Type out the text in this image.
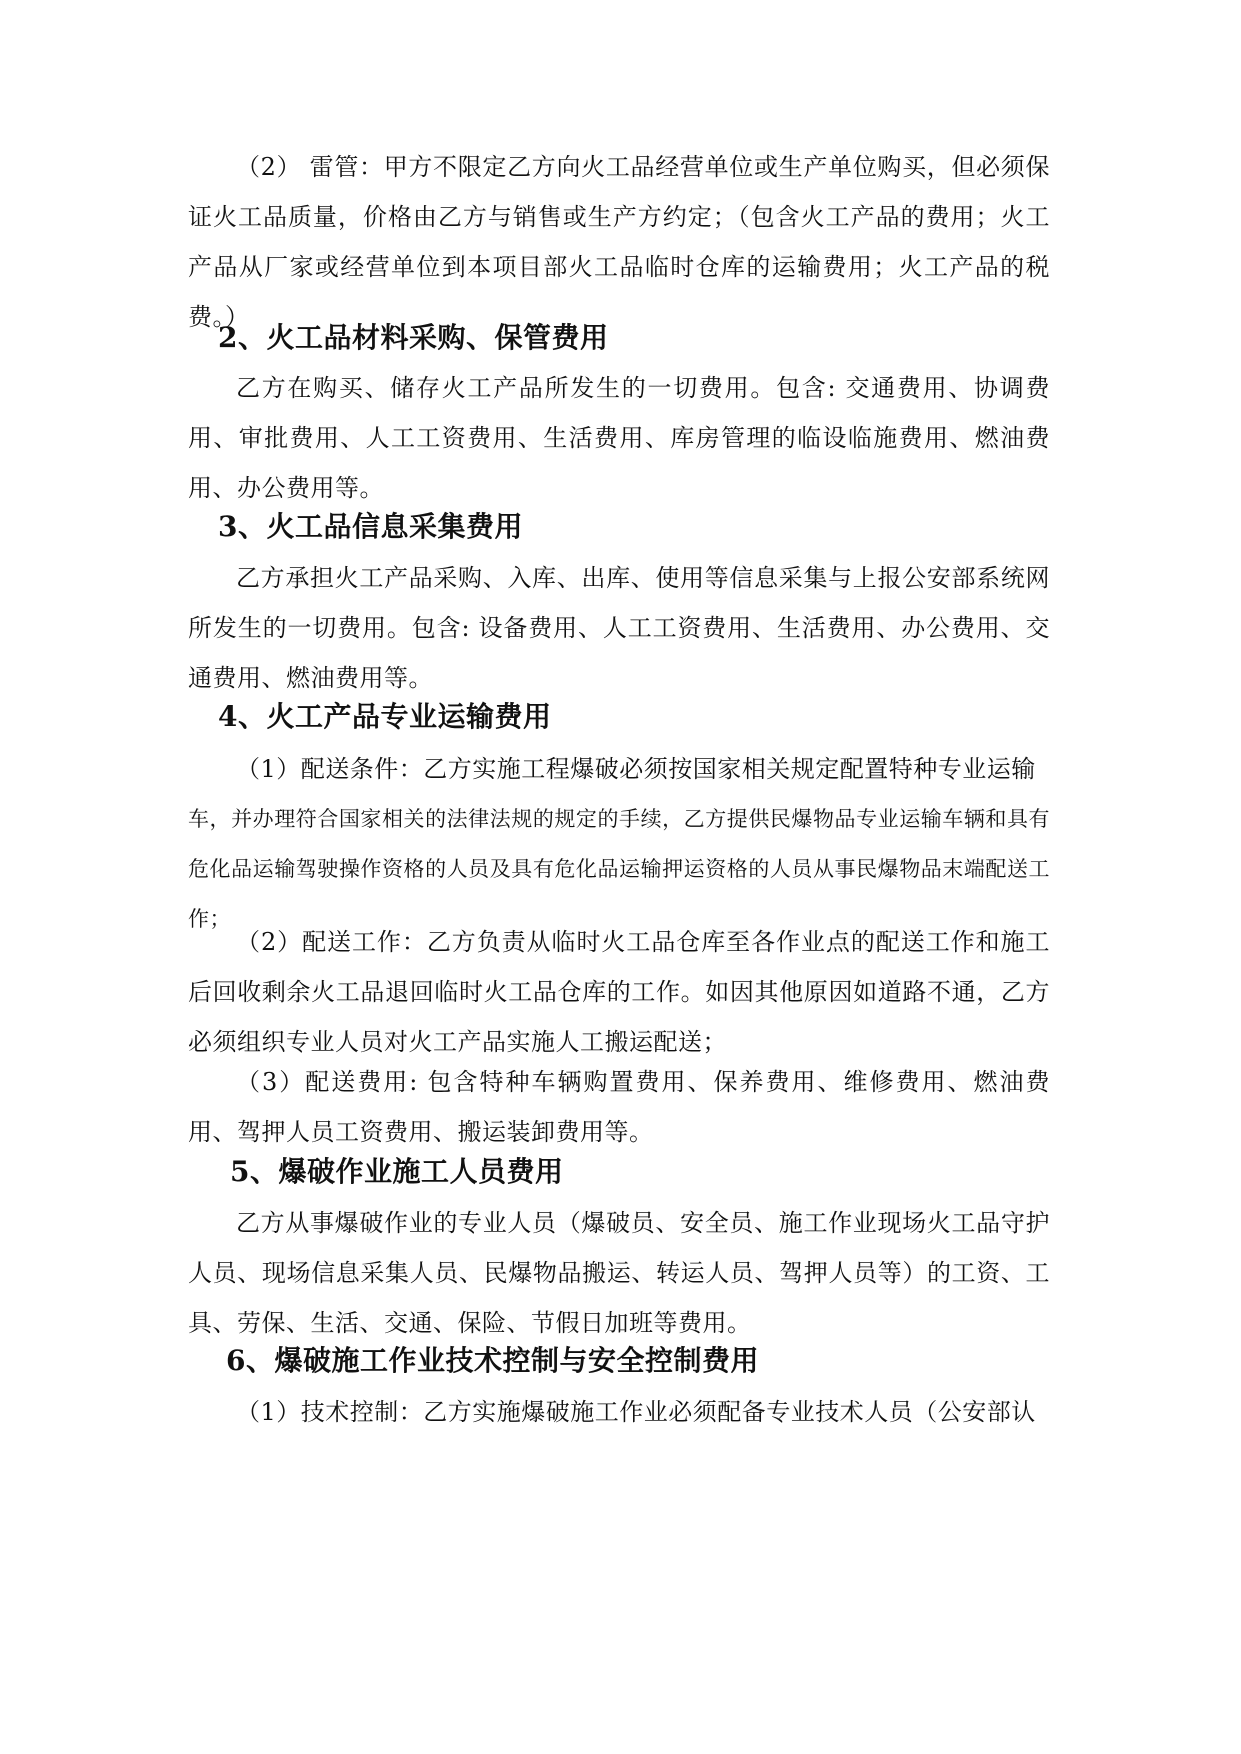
（2） 雷管：甲方不限定乙方向火工品经营单位或生产单位购买，但必须保证火工品质量，价格由乙方与销售或生产方约定；（包含火工产品的费用；火工产品从厂家或经营单位到本项目部火工品临时仓库的运输费用；火工产品的税费。）

2、火工品材料采购、保管费用

乙方在购买、储存火工产品所发生的一切费用。包含: 交通费用、协调费用、审批费用、人工工资费用、生活费用、库房管理的临设临施费用、燃油费用、办公费用等。

3、火工品信息采集费用

乙方承担火工产品采购、入库、出库、使用等信息采集与上报公安部系统网所发生的一切费用。包含: 设备费用、人工工资费用、生活费用、办公费用、交通费用、燃油费用等。

4、火工产品专业运输费用

（1）配送条件：乙方实施工程爆破必须按国家相关规定配置特种专业运输

车，并办理符合国家相关的法律法规的规定的手续，乙方提供民爆物品专业运输车辆和具有危化品运输驾驶操作资格的人员及具有危化品运输押运资格的人员从事民爆物品末端配送工作；

（2）配送工作：乙方负责从临时火工品仓库至各作业点的配送工作和施工后回收剩余火工品退回临时火工品仓库的工作。如因其他原因如道路不通，乙方必须组织专业人员对火工产品实施人工搬运配送；

（3）配送费用: 包含特种车辆购置费用、保养费用、维修费用、燃油费用、驾押人员工资费用、搬运装卸费用等。

5、爆破作业施工人员费用

乙方从事爆破作业的专业人员（爆破员、安全员、施工作业现场火工品守护人员、现场信息采集人员、民爆物品搬运、转运人员、驾押人员等）的工资、工具、劳保、生活、交通、保险、节假日加班等费用。

6、爆破施工作业技术控制与安全控制费用

（1）技术控制：乙方实施爆破施工作业必须配备专业技术人员（公安部认
